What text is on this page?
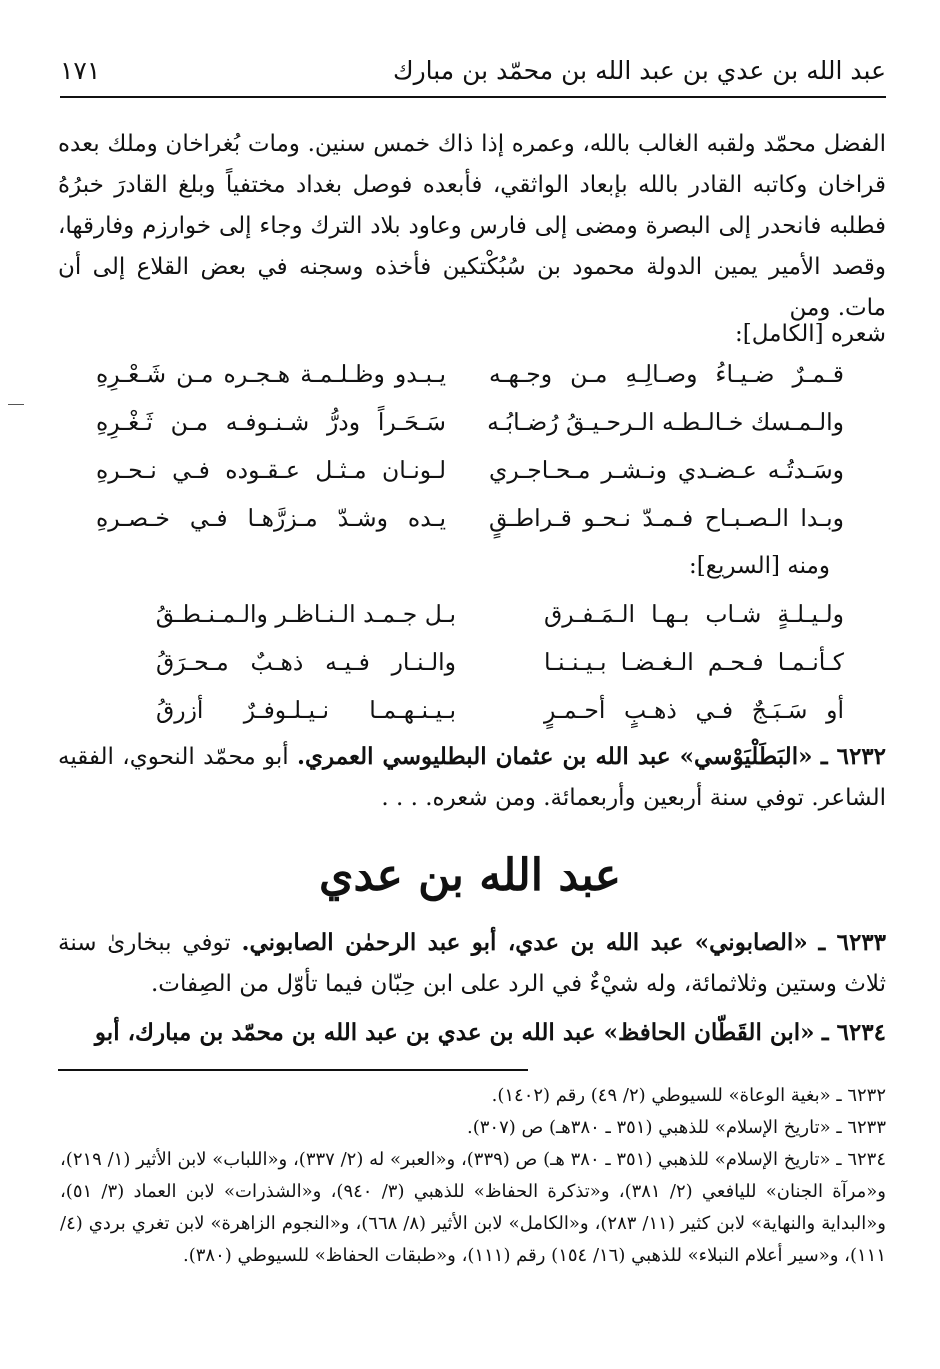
عبد الله بن عدي بن عبد الله بن محمّد بن مبارك
١٧١

الفضل محمّد ولقبه الغالب بالله، وعمره إذا ذاك خمس سنين. ومات بُغراخان وملك بعده قراخان وكاتبه القادر بالله بإبعاد الواثقي، فأبعده فوصل بغداد مختفياً وبلغ القادرَ خبرُهُ فطلبه فانحدر إلى البصرة ومضى إلى فارس وعاود بلاد الترك وجاء إلى خوارزم وفارقها، وقصد الأمير يمين الدولة محمود بن سُبُكْتكين فأخذه وسجنه في بعض القلاع إلى أن مات. ومن

شعره [الكامل]:
قـمـرٌ ضـيـاءُ وصـالِـهِ مـن وجـهـه
يـبـدو وظـلـمـة هـجـره مـن شَـعْـرِهِ
والـمـسك خـالـطـه الـرحـيـقُ رُضـابُـه
سَـحَـراً ودرُّ شـنـوفـه مـن ثَـغْـرِهِ
وسَـدتُـه عـضـدي ونـشـر مـحـاجـري
لـونـان مـثـل عـقـوده فـي نـحـرهِ
وبـدا الـصـبـاح فـمـدّ نـحـو قـراطـقٍ
يـده وشـدّ مـزرَّهـا فـي خـصـرهِ
ومنه [السريع]:
ولـيـلـةٍ شـاب بـهـا الـمَـفـرق
بـل جـمـد الـنـاظـر والـمـنـطـقُ
كـأنـمـا فـحـم الـغـضـا بـيـنـنـا
والـنـار فـيـه ذهـبٌ مـحـرَقُ
أو سَـبَـجٌ فـي ذهـبٍ أحـمـرٍ
بـيـنـهـمـا نـيـلـوفـرٌ أزرقُ

٦٢٣٢ ـ «البَطَلْيَوْسي» عبد الله بن عثمان البطليوسي العمري. أبو محمّد النحوي، الفقيه الشاعر. توفي سنة أربعين وأربعمائة. ومن شعره. . . .

عبد الله بن عدي

٦٢٣٣ ـ «الصابوني» عبد الله بن عدي، أبو عبد الرحمٰن الصابوني. توفي ببخارىٰ سنة ثلاث وستين وثلاثمائة، وله شيْءٌ في الرد على ابن حِبّان فيما تأوّل من الصِفات.

٦٢٣٤ ـ «ابن القَطّان الحافظ» عبد الله بن عدي بن عبد الله بن محمّد بن مبارك، أبو

٦٢٣٢ ـ «بغية الوعاة» للسيوطي (٢/ ٤٩) رقم (١٤٠٢).

٦٢٣٣ ـ «تاريخ الإسلام» للذهبي (٣٥١ ـ ٣٨٠هـ) ص (٣٠٧).

٦٢٣٤ ـ «تاريخ الإسلام» للذهبي (٣٥١ ـ ٣٨٠ هـ) ص (٣٣٩)، و«العبر» له (٢/ ٣٣٧)، و«اللباب» لابن الأثير (١/ ٢١٩)، و«مرآة الجنان» لليافعي (٢/ ٣٨١)، و«تذكرة الحفاظ» للذهبي (٣/ ٩٤٠)، و«الشذرات» لابن العماد (٣/ ٥١)، و«البداية والنهاية» لابن كثير (١١/ ٢٨٣)، و«الكامل» لابن الأثير (٨/ ٦٦٨)، و«النجوم الزاهرة» لابن تغري بردي (٤/ ١١١)، و«سير أعلام النبلاء» للذهبي (١٦/ ١٥٤) رقم (١١١)، و«طبقات الحفاظ» للسيوطي (٣٨٠).
